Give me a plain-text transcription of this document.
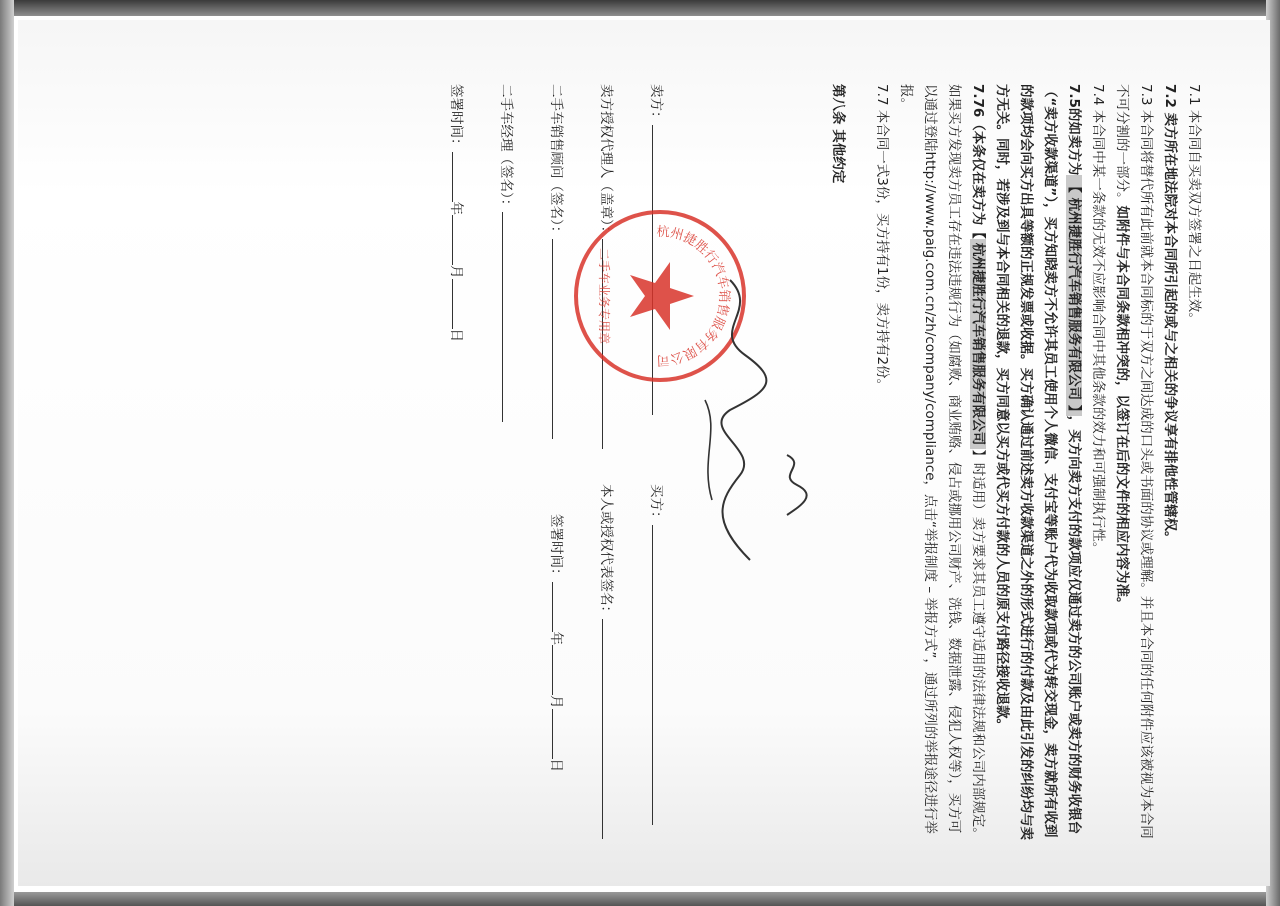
7.1 本合同自买卖双方签署之日起生效。

7.2 卖方所在地法院对本合同所引起的或与之相关的争议享有排他性管辖权。

7.3 本合同将替代所有此前就本合同标的于双方之间达成的口头或书面的协议或理解。并且本合同的任何附件应该被视为本合同不可分割的一部分。如附件与本合同条款相冲突的，以签订在后的文件的相应内容为准。

7.4 本合同中某一条款的无效不应影响合同中其他条款的效力和可强制执行性。

7.5的如卖方为【 杭州捷胜行汽车销售服务有限公司 】，买方向卖方支付的款项应仅通过卖方的公司账户或卖方的财务收银台（“卖方收款渠道”），买方知晓卖方不允许其员工使用个人微信、支付宝等账户代为收取款项或代为转交现金，卖方就所有收到的款项均会向买方出具等额的正规发票或收据。买方确认通过前述卖方收款渠道之外的形式进行的付款及由此引发的纠纷均与卖方无关。同时，若涉及到与本合同相关的退款，买方同意以买方或代买方付款的人员的原支付路径接收退款。

7.76（本条仅在卖方为【杭州捷胜行汽车销售服务有限公司】时适用）卖方要求其员工遵守适用的法律法规和公司内部规定。如果买方发现卖方员工存在违法违规行为（如腐败、商业贿赂、侵占或挪用公司财产、洗钱、数据泄露、侵犯人权等），买方可以通过登陆http://www.paig.com.cn/zh/company/compliance，点击“举报制度 – 举报方式”，通过所列的举报途径进行举报。

7.7 本合同一式3份，买方持有1份，卖方持有2份。

第八条 其他约定

卖方：
买方：
卖方授权代理人（盖章）：
本人或授权代表签名：
二手车销售顾问（签名）：
签署时间：年月日
二手车经理（签名）：
签署时间：年月日
杭州捷胜行汽车销售服务有限公司
二手车业务专用章
